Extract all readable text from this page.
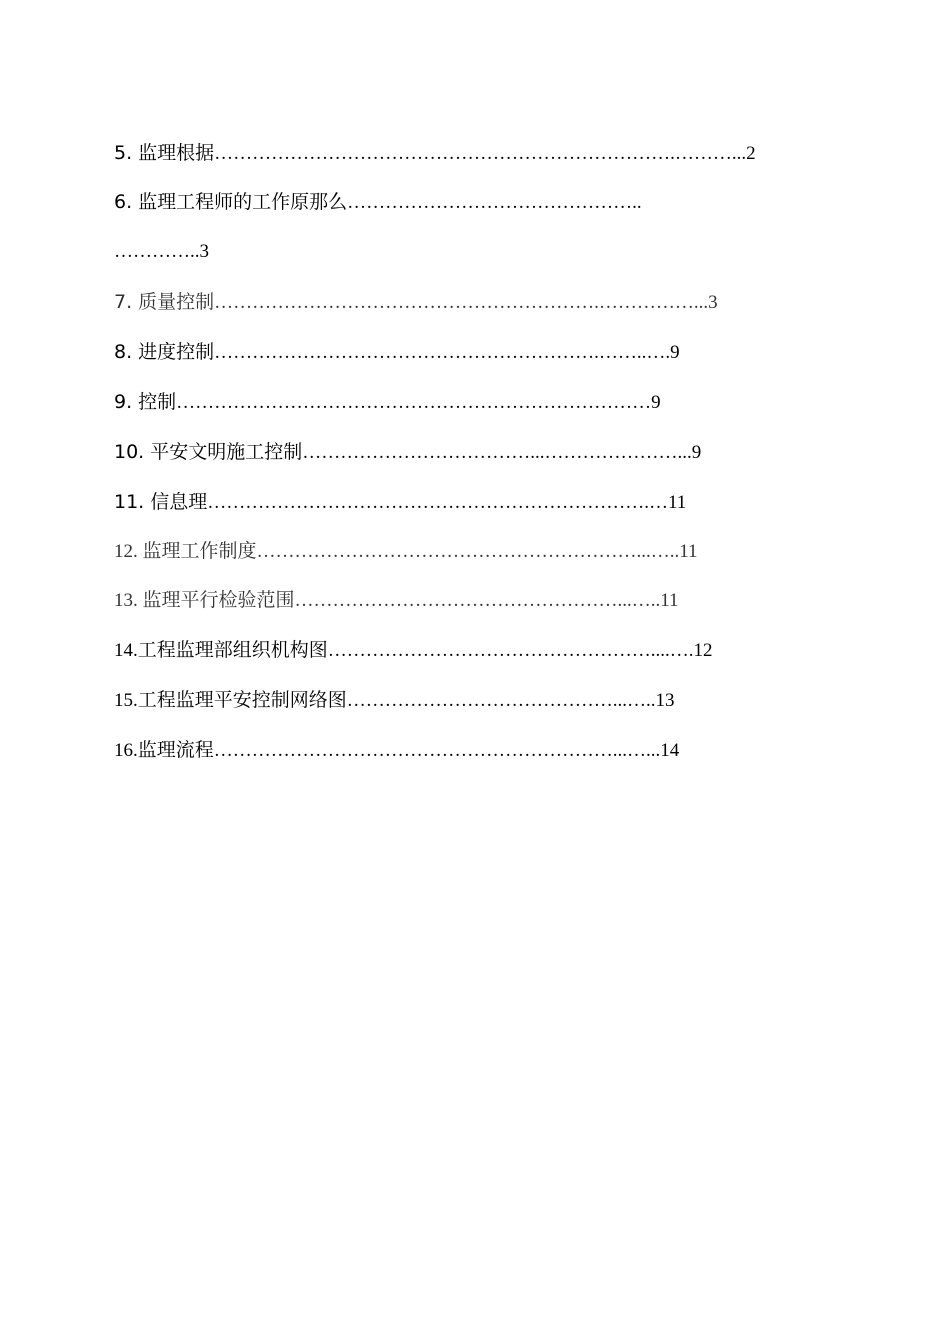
5. 监理根据……………………………………………………………….………...2
6. 监理工程师的工作原那么………………………………………..
…………..3
7. 质量控制…………………………………………………….……………...3
8. 进度控制…………………………………………………….……..….9
9. 控制…………………………………………………………………9
10. 平安文明施工控制………………………………...…………………...9
11. 信息理…………………………………………………………….…11
12. 监理工作制度……………………………………………………...…..11
13. 监理平行检验范围……………………………………………...…..11
14.工程监理部组织机构图……………………………………………....….12
15.工程监理平安控制网络图……………………………………...…..13
16.监理流程………………………………………………………...…...14
